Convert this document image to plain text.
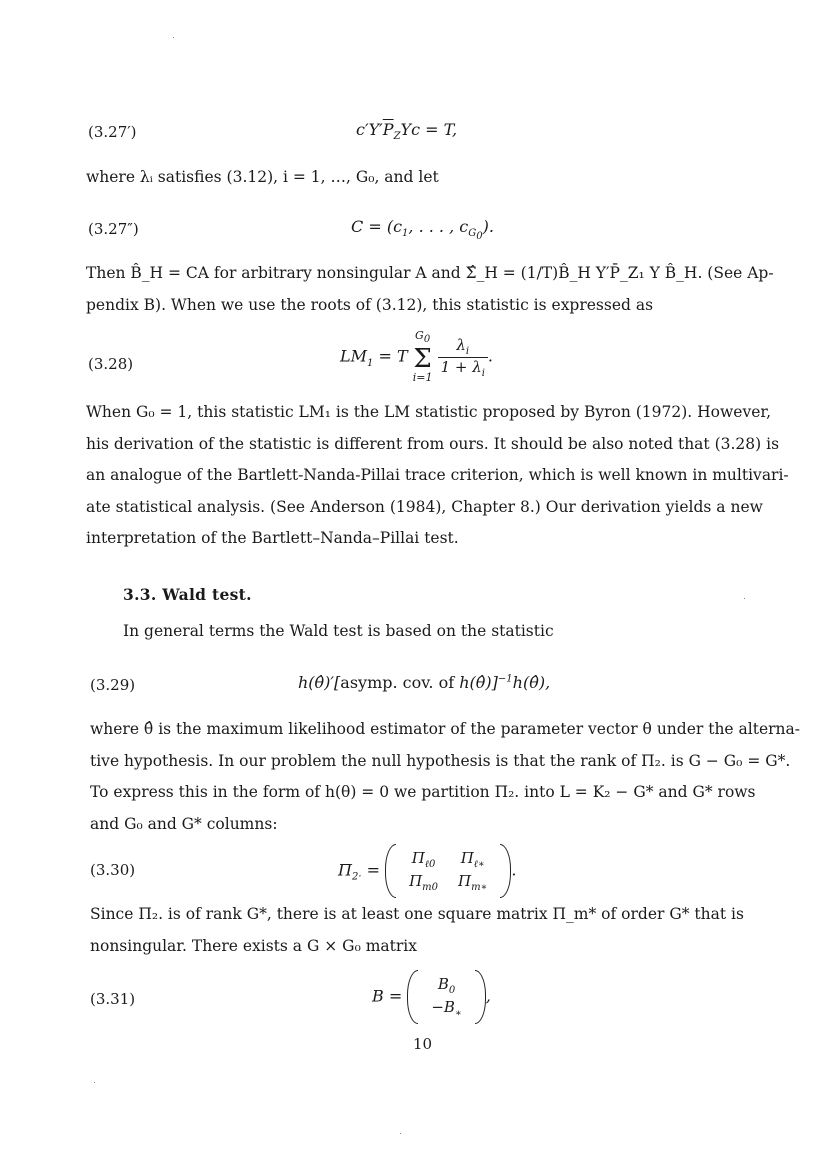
(3.27′)	$c'Y'\overline{P}_ZYc = T$,
where λᵢ satisfies (3.12), i = 1, …, G₀, and let
(3.27″)	$C = (c_1$, . . . , $c_{G_0}$).
Then B̂_H = CA for arbitrary nonsingular A and Σ̂_H = (1/T)B̂_H Y′P̄_Z₁ Y B̂_H. (See Ap-
pendix B). When we use the roots of (3.12), this statistic is expressed as
(3.28)	$LM_1 = T$
$G_0$
Σ
i=1
$\frac{\lambda_i}{1 + \lambda_i}$ .
When G₀ = 1, this statistic LM₁ is the LM statistic proposed by Byron (1972). However,
his derivation of the statistic is different from ours. It should be also noted that (3.28) is
an analogue of the Bartlett-Nanda-Pillai trace criterion, which is well known in multivari-
ate statistical analysis. (See Anderson (1984), Chapter 8.) Our derivation yields a new
interpretation of the Bartlett–Nanda–Pillai test.
3.3. Wald test.
In general terms the Wald test is based on the statistic
(3.29)	h(θ̂)′[asymp. cov. of h(θ̂)]$^{-1}$h(θ̂),
where θ̂ is the maximum likelihood estimator of the parameter vector θ under the alterna-
tive hypothesis. In our problem the null hypothesis is that the rank of Π₂. is G − G₀ = G*.
To express this in the form of h(θ) = 0 we partition Π₂. into L = K₂ − G* and G* rows
and G₀ and G* columns:
(3.30)	$\Pi_{2\cdot}$ =
$\Pi_{\ell 0}$	$\Pi_{\ell∗}$
$\Pi_{m0}$	$\Pi_{m∗}$
.
Since Π₂. is of rank G*, there is at least one square matrix Π_m* of order G* that is
nonsingular. There exists a G × G₀ matrix
(3.31)	B =
$B_0$
$-B_∗$
,
10
